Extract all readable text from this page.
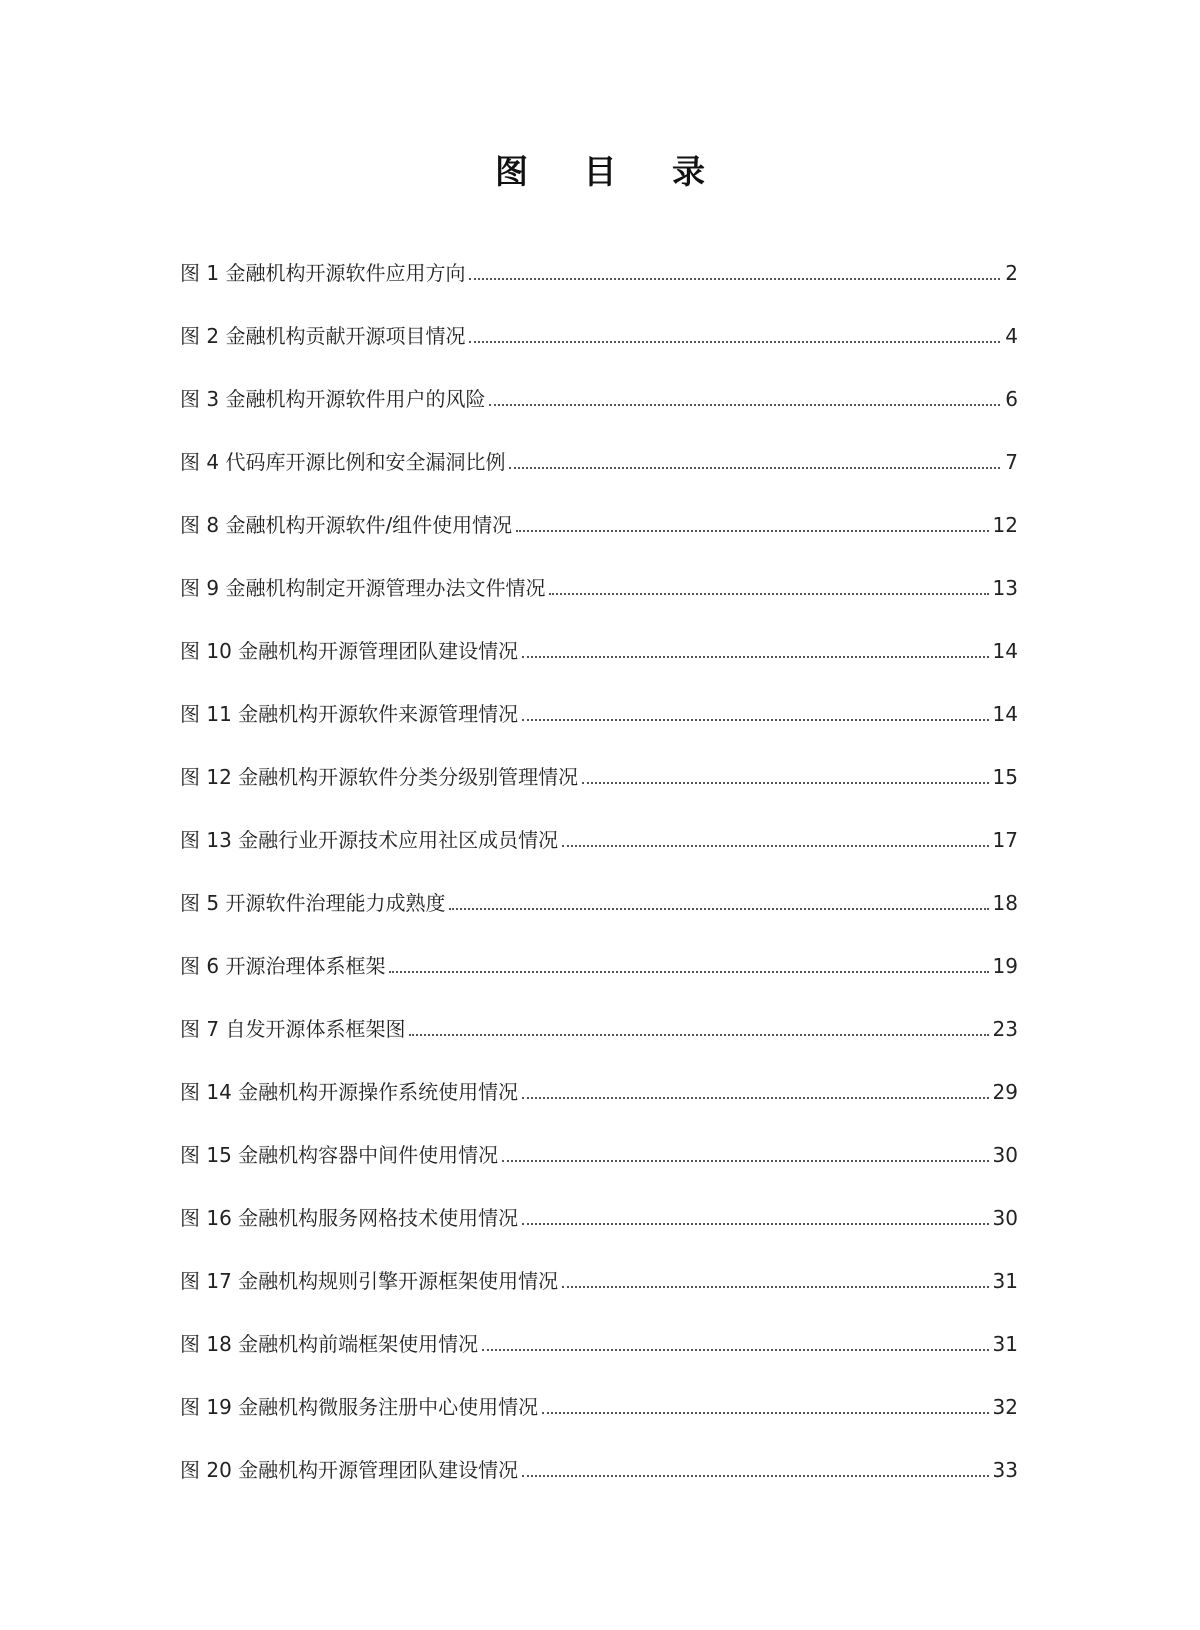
图 目 录
图 1 金融机构开源软件应用方向	2
图 2 金融机构贡献开源项目情况	4
图 3 金融机构开源软件用户的风险	6
图 4 代码库开源比例和安全漏洞比例	7
图 8 金融机构开源软件/组件使用情况	12
图 9 金融机构制定开源管理办法文件情况	13
图 10 金融机构开源管理团队建设情况	14
图 11 金融机构开源软件来源管理情况	14
图 12 金融机构开源软件分类分级别管理情况	15
图 13 金融行业开源技术应用社区成员情况	17
图 5 开源软件治理能力成熟度	18
图 6 开源治理体系框架	19
图 7 自发开源体系框架图	23
图 14 金融机构开源操作系统使用情况	29
图 15 金融机构容器中间件使用情况	30
图 16 金融机构服务网格技术使用情况	30
图 17 金融机构规则引擎开源框架使用情况	31
图 18 金融机构前端框架使用情况	31
图 19 金融机构微服务注册中心使用情况	32
图 20 金融机构开源管理团队建设情况	33
